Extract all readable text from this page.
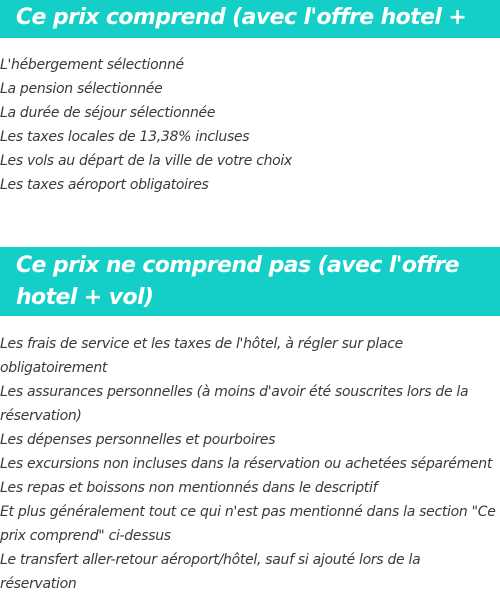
Ce prix comprend (avec l'offre hotel + vol)
L'hébergement sélectionné
La pension sélectionnée
La durée de séjour sélectionnée
Les taxes locales de 13,38% incluses
Les vols au départ de la ville de votre choix
Les taxes aéroport obligatoires
Ce prix ne comprend pas (avec l'offre hotel + vol)
Les frais de service et les taxes de l'hôtel, à régler sur place obligatoirement
Les assurances personnelles (à moins d'avoir été souscrites lors de la réservation)
Les dépenses personnelles et pourboires
Les excursions non incluses dans la réservation ou achetées séparément
Les repas et boissons non mentionnés dans le descriptif
Et plus généralement tout ce qui n'est pas mentionné dans la section "Ce prix comprend" ci-dessus
Le transfert aller-retour aéroport/hôtel, sauf si ajouté lors de la réservation
